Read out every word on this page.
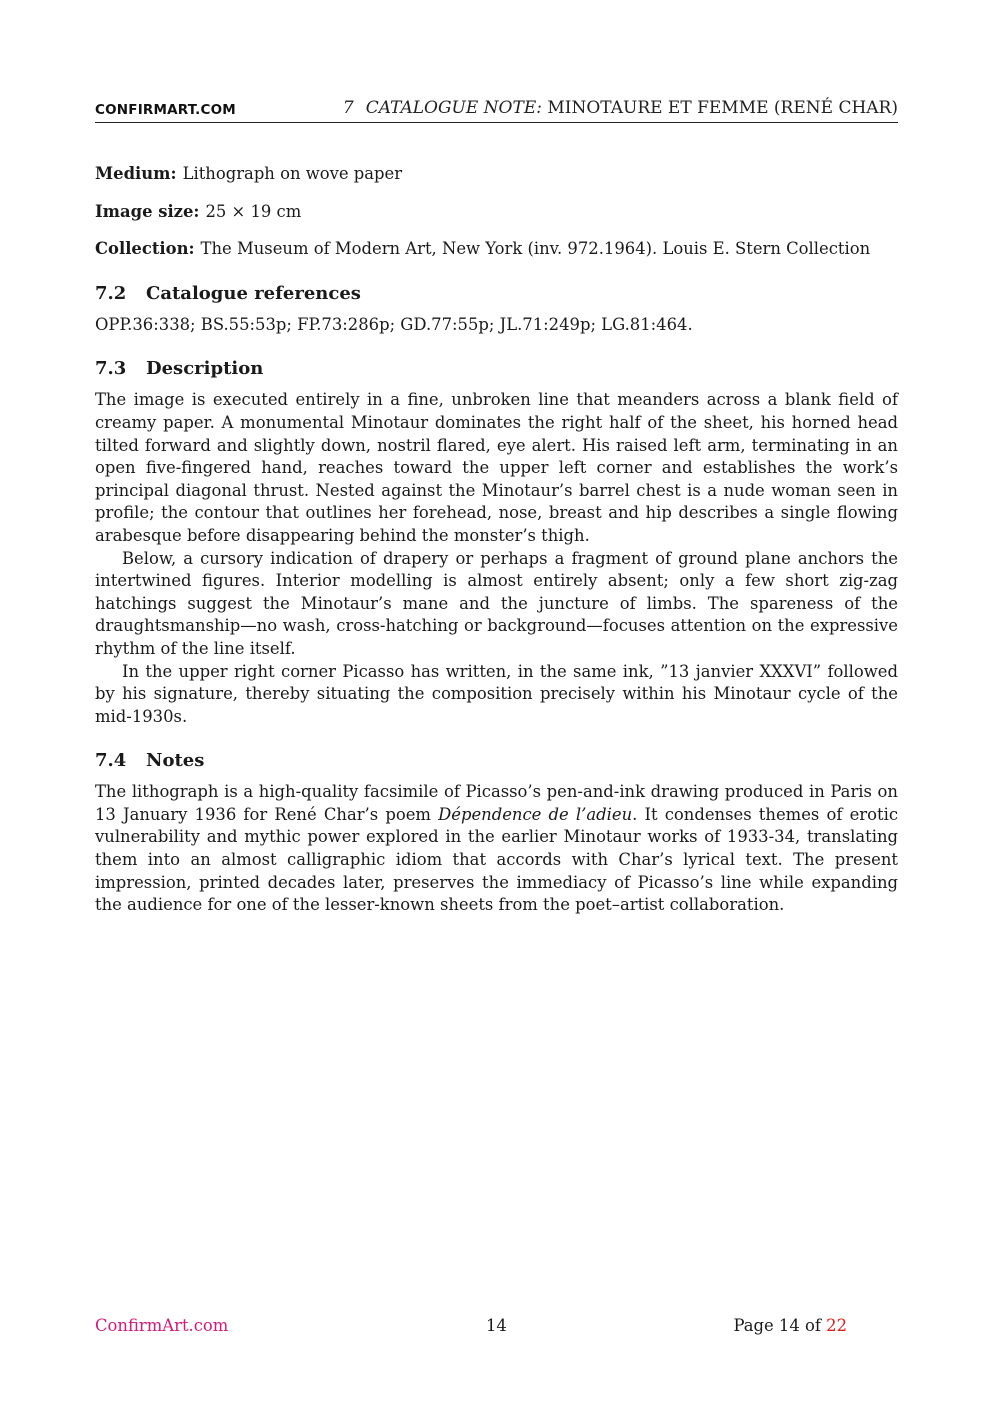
CONFIRMART.COM	7 CATALOGUE NOTE: MINOTAURE ET FEMME (RENÉ CHAR)
Medium: Lithograph on wove paper
Image size: 25 × 19 cm
Collection: The Museum of Modern Art, New York (inv. 972.1964). Louis E. Stern Collection
7.2 Catalogue references

OPP.36:338; BS.55:53p; FP.73:286p; GD.77:55p; JL.71:249p; LG.81:464.

7.3 Description

The image is executed entirely in a fine, unbroken line that meanders across a blank field of creamy paper. A monumental Minotaur dominates the right half of the sheet, his horned head tilted forward and slightly down, nostril flared, eye alert. His raised left arm, terminating in an open five-fingered hand, reaches toward the upper left corner and establishes the work’s principal diagonal thrust. Nested against the Minotaur’s barrel chest is a nude woman seen in profile; the contour that outlines her forehead, nose, breast and hip describes a single flowing arabesque before disappearing behind the monster’s thigh.

Below, a cursory indication of drapery or perhaps a fragment of ground plane anchors the intertwined figures. Interior modelling is almost entirely absent; only a few short zig-zag hatchings suggest the Minotaur’s mane and the juncture of limbs. The spareness of the draughtsmanship—no wash, cross-hatching or background—focuses attention on the expressive rhythm of the line itself.

In the upper right corner Picasso has written, in the same ink, ”13 janvier XXXVI” followed by his signature, thereby situating the composition precisely within his Minotaur cycle of the mid-1930s.

7.4 Notes

The lithograph is a high-quality facsimile of Picasso’s pen-and-ink drawing produced in Paris on 13 January 1936 for René Char’s poem Dépendence de l’adieu. It condenses themes of erotic vulnerability and mythic power explored in the earlier Minotaur works of 1933-34, translating them into an almost calligraphic idiom that accords with Char’s lyrical text. The present impression, printed decades later, preserves the immediacy of Picasso’s line while expanding the audience for one of the lesser-known sheets from the poet–artist collaboration.

ConfirmArt.com	14	Page 14 of 22
